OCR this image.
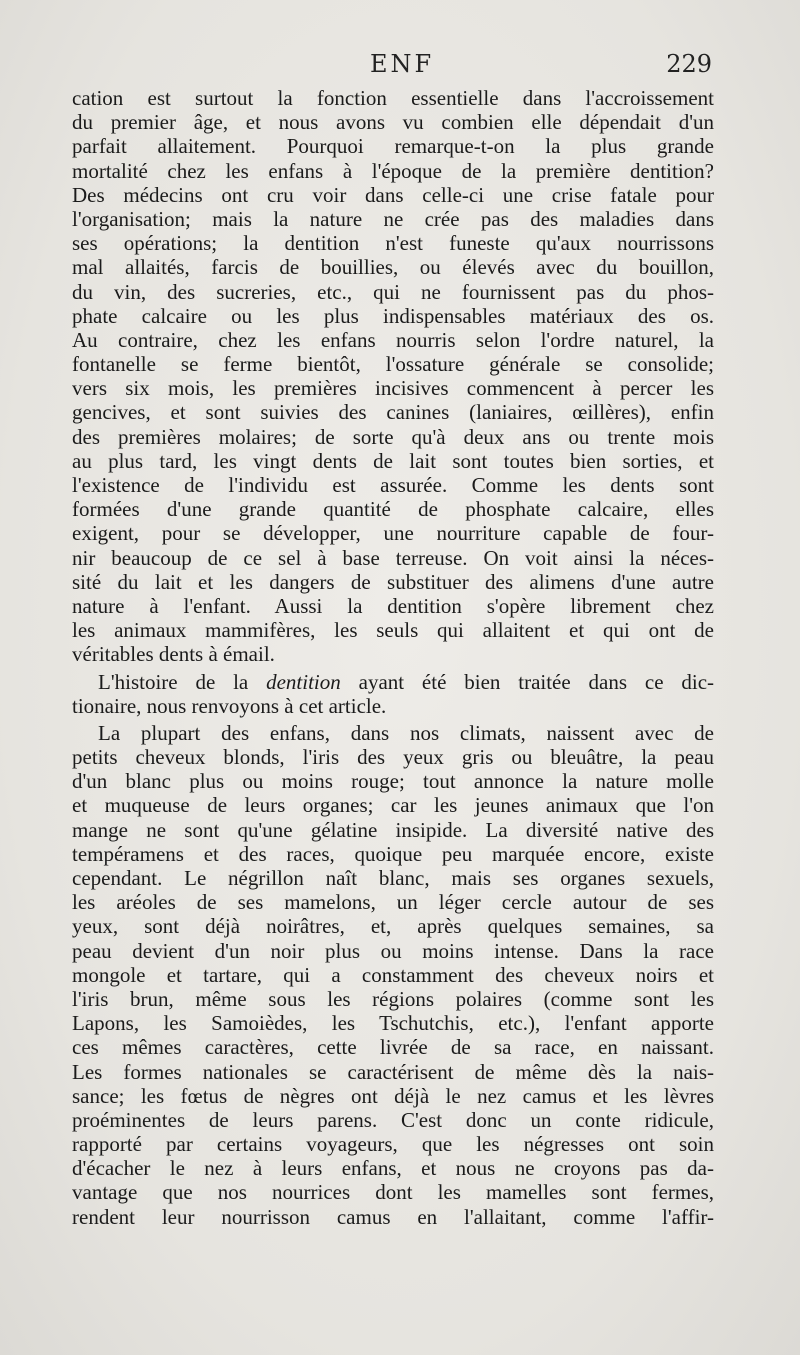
ENF	229

cation est surtout la fonction essentielle dans l'accroissement
du premier âge, et nous avons vu combien elle dépendait d'un
parfait allaitement. Pourquoi remarque-t-on la plus grande
mortalité chez les enfans à l'époque de la première dentition?
Des médecins ont cru voir dans celle-ci une crise fatale pour
l'organisation; mais la nature ne crée pas des maladies dans
ses opérations; la dentition n'est funeste qu'aux nourrissons
mal allaités, farcis de bouillies, ou élevés avec du bouillon,
du vin, des sucreries, etc., qui ne fournissent pas du phos-
phate calcaire ou les plus indispensables matériaux des os.
Au contraire, chez les enfans nourris selon l'ordre naturel, la
fontanelle se ferme bientôt, l'ossature générale se consolide;
vers six mois, les premières incisives commencent à percer les
gencives, et sont suivies des canines (laniaires, œillères), enfin
des premières molaires; de sorte qu'à deux ans ou trente mois
au plus tard, les vingt dents de lait sont toutes bien sorties, et
l'existence de l'individu est assurée. Comme les dents sont
formées d'une grande quantité de phosphate calcaire, elles
exigent, pour se développer, une nourriture capable de four-
nir beaucoup de ce sel à base terreuse. On voit ainsi la néces-
sité du lait et les dangers de substituer des alimens d'une autre
nature à l'enfant. Aussi la dentition s'opère librement chez
les animaux mammifères, les seuls qui allaitent et qui ont de
véritables dents à émail.

L'histoire de la dentition ayant été bien traitée dans ce dic-
tionaire, nous renvoyons à cet article.

La plupart des enfans, dans nos climats, naissent avec de
petits cheveux blonds, l'iris des yeux gris ou bleuâtre, la peau
d'un blanc plus ou moins rouge; tout annonce la nature molle
et muqueuse de leurs organes; car les jeunes animaux que l'on
mange ne sont qu'une gélatine insipide. La diversité native des
tempéramens et des races, quoique peu marquée encore, existe
cependant. Le négrillon naît blanc, mais ses organes sexuels,
les aréoles de ses mamelons, un léger cercle autour de ses
yeux, sont déjà noirâtres, et, après quelques semaines, sa
peau devient d'un noir plus ou moins intense. Dans la race
mongole et tartare, qui a constamment des cheveux noirs et
l'iris brun, même sous les régions polaires (comme sont les
Lapons, les Samoièdes, les Tschutchis, etc.), l'enfant apporte
ces mêmes caractères, cette livrée de sa race, en naissant.
Les formes nationales se caractérisent de même dès la nais-
sance; les fœtus de nègres ont déjà le nez camus et les lèvres
proéminentes de leurs parens. C'est donc un conte ridicule,
rapporté par certains voyageurs, que les négresses ont soin
d'écacher le nez à leurs enfans, et nous ne croyons pas da-
vantage que nos nourrices dont les mamelles sont fermes,
rendent leur nourrisson camus en l'allaitant, comme l'affir-
